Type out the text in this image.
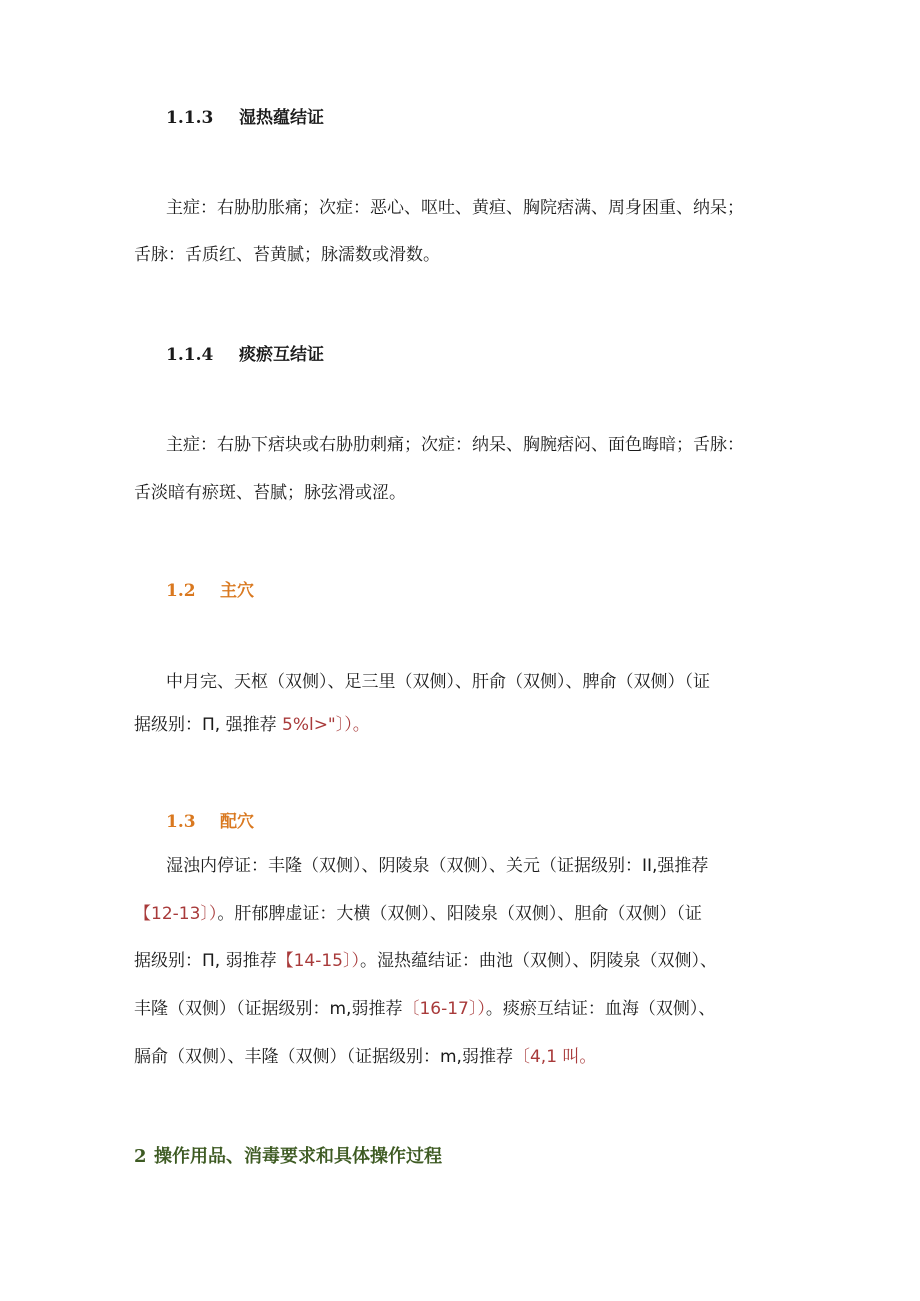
1.1.3 湿热蕴结证
主症：右胁肋胀痛；次症：恶心、呕吐、黄疸、胸院痞满、周身困重、纳呆；
舌脉：舌质红、苔黄腻；脉濡数或滑数。
1.1.4 痰瘀互结证
主症：右胁下痞块或右胁肋刺痛；次症：纳呆、胸腕痞闷、面色晦暗；舌脉：
舌淡暗有瘀斑、苔腻；脉弦滑或涩。
1.2 主穴
中月完、天枢（双侧）、足三里（双侧）、肝俞（双侧）、脾俞（双侧）（证
据级别：Π, 强推荐 5%l>"〕）。
1.3 配穴
湿浊内停证：丰隆（双侧）、阴陵泉（双侧）、关元（证据级别：II,强推荐
【12-13〕）。肝郁脾虚证：大横（双侧）、阳陵泉（双侧）、胆俞（双侧）（证
据级别：Π, 弱推荐【14-15〕）。湿热蕴结证：曲池（双侧）、阴陵泉（双侧）、
丰隆（双侧）（证据级别：m,弱推荐〔16-17〕）。痰瘀互结证：血海（双侧）、
膈俞（双侧）、丰隆（双侧）（证据级别：m,弱推荐〔4,1 叫。
2 操作用品、消毒要求和具体操作过程
